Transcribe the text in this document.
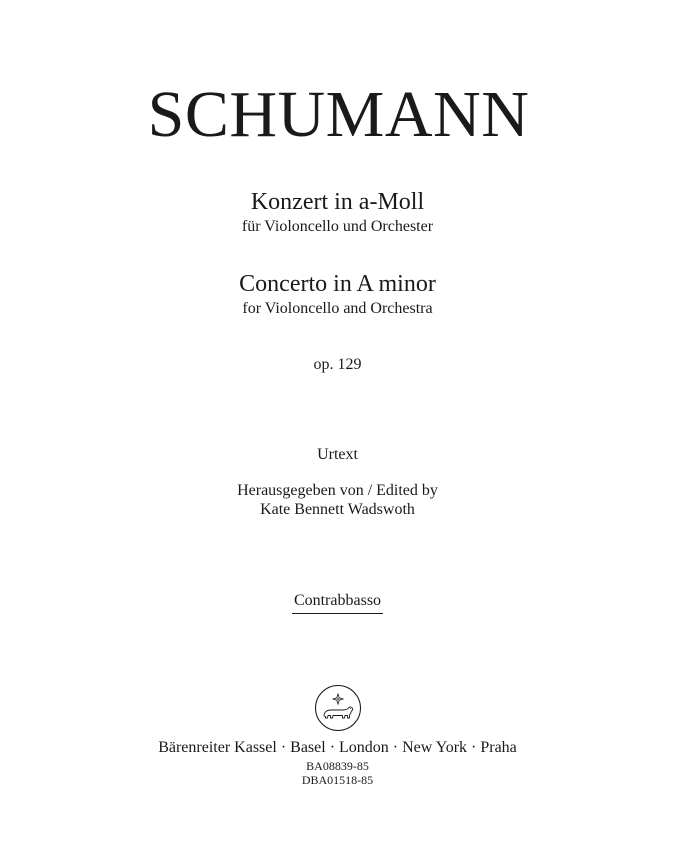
SCHUMANN
Konzert in a-Moll
für Violoncello und Orchester
Concerto in A minor
for Violoncello and Orchestra
op. 129
Urtext
Herausgegeben von / Edited by
Kate Bennett Wadswoth
Contrabbasso
Bärenreiter Kassel · Basel · London · New York · Praha
BA08839-85
DBA01518-85
